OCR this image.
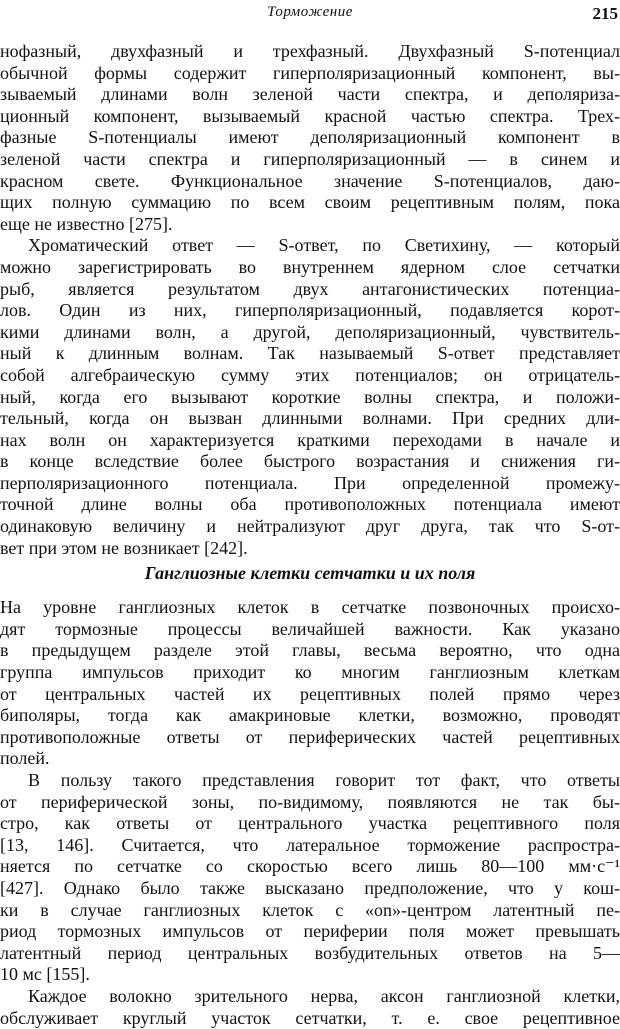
Торможение	215
нофазный, двухфазный и трехфазный. Двухфазный S-потенциал
обычной формы содержит гиперполяризационный компонент, вы-
зываемый длинами волн зеленой части спектра, и деполяриза-
ционный компонент, вызываемый красной частью спектра. Трех-
фазные S-потенциалы имеют деполяризационный компонент в
зеленой части спектра и гиперполяризационный — в синем и
красном свете. Функциональное значение S-потенциалов, даю-
щих полную суммацию по всем своим рецептивным полям, пока
еще не известно [275].
Хроматический ответ — S-ответ, по Светихину, — который
можно зарегистрировать во внутреннем ядерном слое сетчатки
рыб, является результатом двух антагонистических потенциа-
лов. Один из них, гиперполяризационный, подавляется корот-
кими длинами волн, а другой, деполяризационный, чувствитель-
ный к длинным волнам. Так называемый S-ответ представляет
собой алгебраическую сумму этих потенциалов; он отрицатель-
ный, когда его вызывают короткие волны спектра, и положи-
тельный, когда он вызван длинными волнами. При средних дли-
нах волн он характеризуется краткими переходами в начале и
в конце вследствие более быстрого возрастания и снижения ги-
перполяризационного потенциала. При определенной промежу-
точной длине волны оба противоположных потенциала имеют
одинаковую величину и нейтрализуют друг друга, так что S-от-
вет при этом не возникает [242].
Ганглиозные клетки сетчатки и их поля
На уровне ганглиозных клеток в сетчатке позвоночных происхо-
дят тормозные процессы величайшей важности. Как указано
в предыдущем разделе этой главы, весьма вероятно, что одна
группа импульсов приходит ко многим ганглиозным клеткам
от центральных частей их рецептивных полей прямо через
биполяры, тогда как амакриновые клетки, возможно, проводят
противоположные ответы от периферических частей рецептивных
полей.
В пользу такого представления говорит тот факт, что ответы
от периферической зоны, по-видимому, появляются не так бы-
стро, как ответы от центрального участка рецептивного поля
[13, 146]. Считается, что латеральное торможение распростра-
няется по сетчатке со скоростью всего лишь 80—100 мм·с⁻¹
[427]. Однако было также высказано предположение, что у кош-
ки в случае ганглиозных клеток с «on»-центром латентный пе-
риод тормозных импульсов от периферии поля может превышать
латентный период центральных возбудительных ответов на 5—
10 мс [155].
Каждое волокно зрительного нерва, аксон ганглиозной клетки,
обслуживает круглый участок сетчатки, т. е. свое рецептивное
